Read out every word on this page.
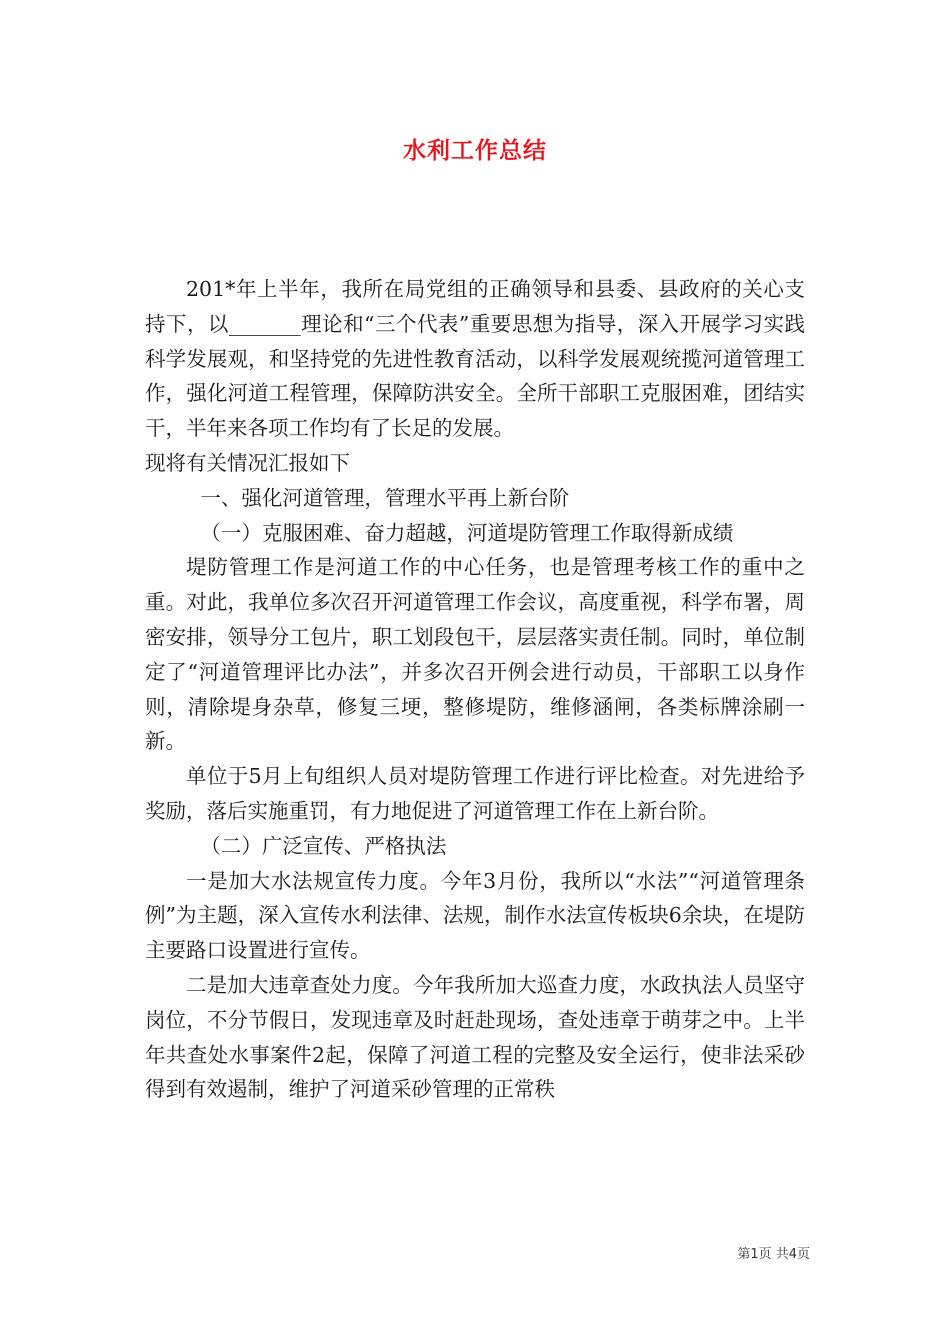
水利工作总结

201*年上半年，我所在局党组的正确领导和县委、县政府的关心支持下，以_______理论和“三个代表”重要思想为指导，深入开展学习实践科学发展观，和坚持党的先进性教育活动，以科学发展观统揽河道管理工作，强化河道工程管理，保障防洪安全。全所干部职工克服困难，团结实干，半年来各项工作均有了长足的发展。

现将有关情况汇报如下

一、强化河道管理，管理水平再上新台阶

（一）克服困难、奋力超越，河道堤防管理工作取得新成绩

堤防管理工作是河道工作的中心任务，也是管理考核工作的重中之重。对此，我单位多次召开河道管理工作会议，高度重视，科学布署，周密安排，领导分工包片，职工划段包干，层层落实责任制。同时，单位制定了“河道管理评比办法”，并多次召开例会进行动员，干部职工以身作则，清除堤身杂草，修复三埂，整修堤防，维修涵闸，各类标牌涂刷一新。

单位于5月上旬组织人员对堤防管理工作进行评比检查。对先进给予奖励，落后实施重罚，有力地促进了河道管理工作在上新台阶。

（二）广泛宣传、严格执法

一是加大水法规宣传力度。今年3月份，我所以“水法”“河道管理条例”为主题，深入宣传水利法律、法规，制作水法宣传板块6余块，在堤防主要路口设置进行宣传。

二是加大违章查处力度。今年我所加大巡查力度，水政执法人员坚守岗位，不分节假日，发现违章及时赶赴现场，查处违章于萌芽之中。上半年共查处水事案件2起，保障了河道工程的完整及安全运行，使非法采砂得到有效遏制，维护了河道采砂管理的正常秩

第1页 共4页
